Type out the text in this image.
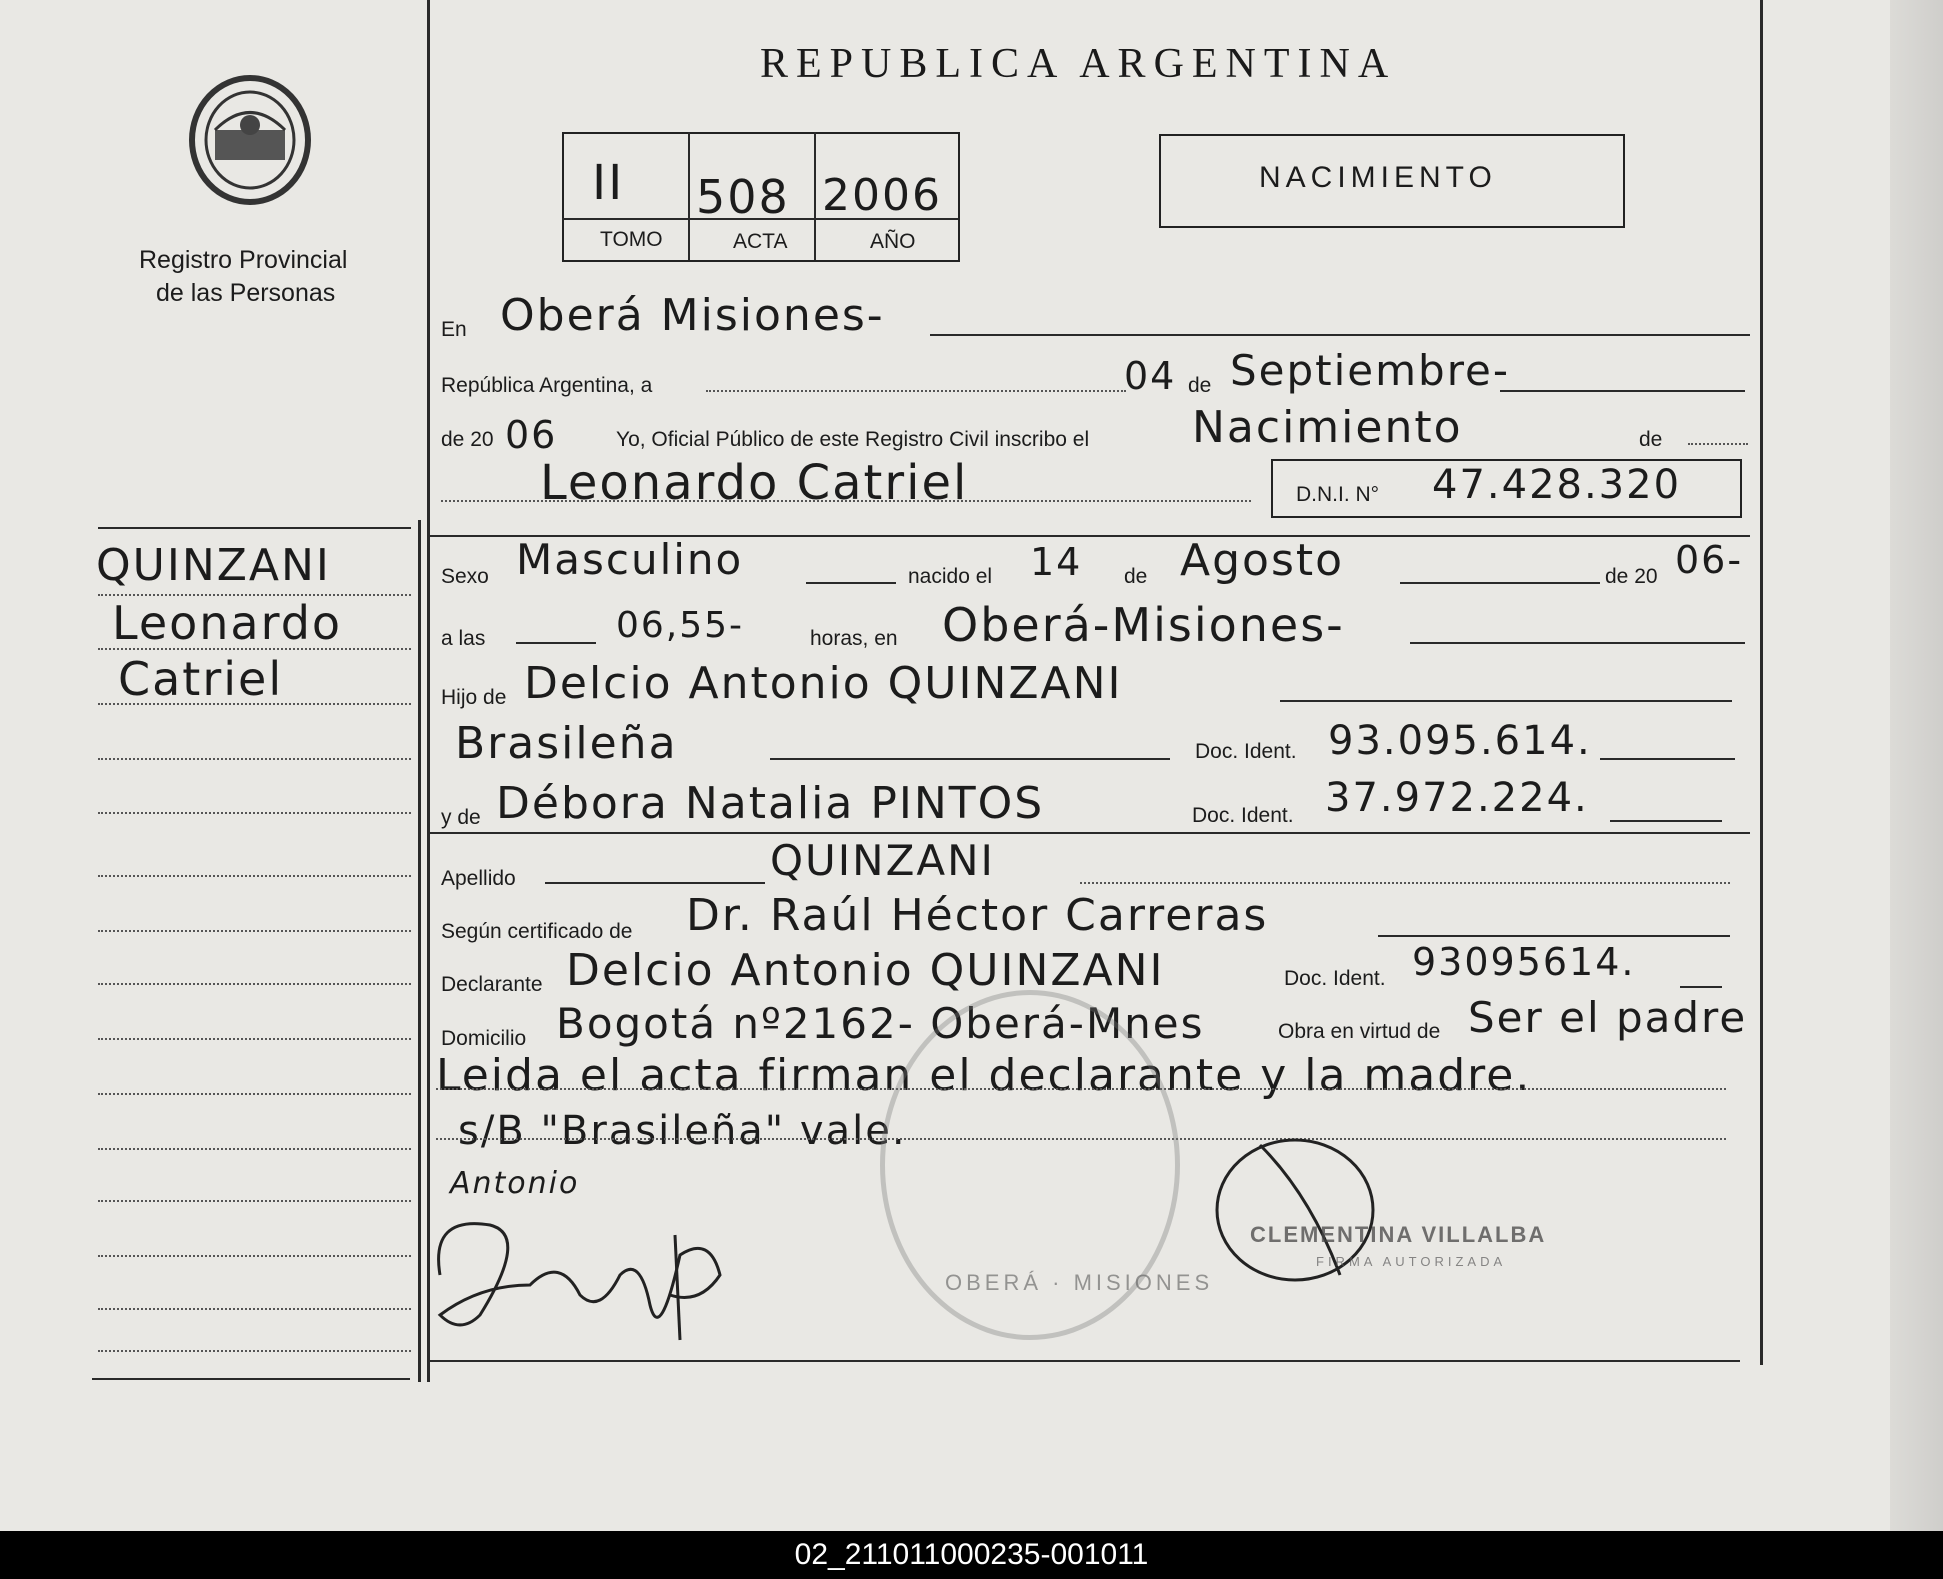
Registro Provincial
de las Personas
REPUBLICA ARGENTINA
II 508 2006
TOMO	ACTA	AÑO
NACIMIENTO
QUINZANI
Leonardo
Catriel
En Oberá Misiones-
República Argentina, a	04 de Septiembre-
de 20 06	Yo, Oficial Público de este Registro Civil inscribo el Nacimiento	de
Leonardo Catriel	D.N.I. N° 47.428.320
Sexo Masculino	nacido el 14 de Agosto	de 20 06-
a las	06,55-	horas, en Oberá-Misiones-
Hijo de Delcio Antonio QUINZANI
Brasileña	Doc. Ident. 93.095.614.
y de Débora Natalia PINTOS	Doc. Ident. 37.972.224.
Apellido	QUINZANI
Según certificado de Dr. Raúl Héctor Carreras
Declarante Delcio Antonio QUINZANI	Doc. Ident. 93095614.
Domicilio Bogotá nº2162- Oberá-Mnes	Obra en virtud de Ser el padre
Leida el acta firman el declarante y la madre.
s/B "Brasileña" vale.
OBERÁ · MISIONES
Antonio
CLEMENTINA VILLALBA
FIRMA AUTORIZADA
02_211011000235-001011
